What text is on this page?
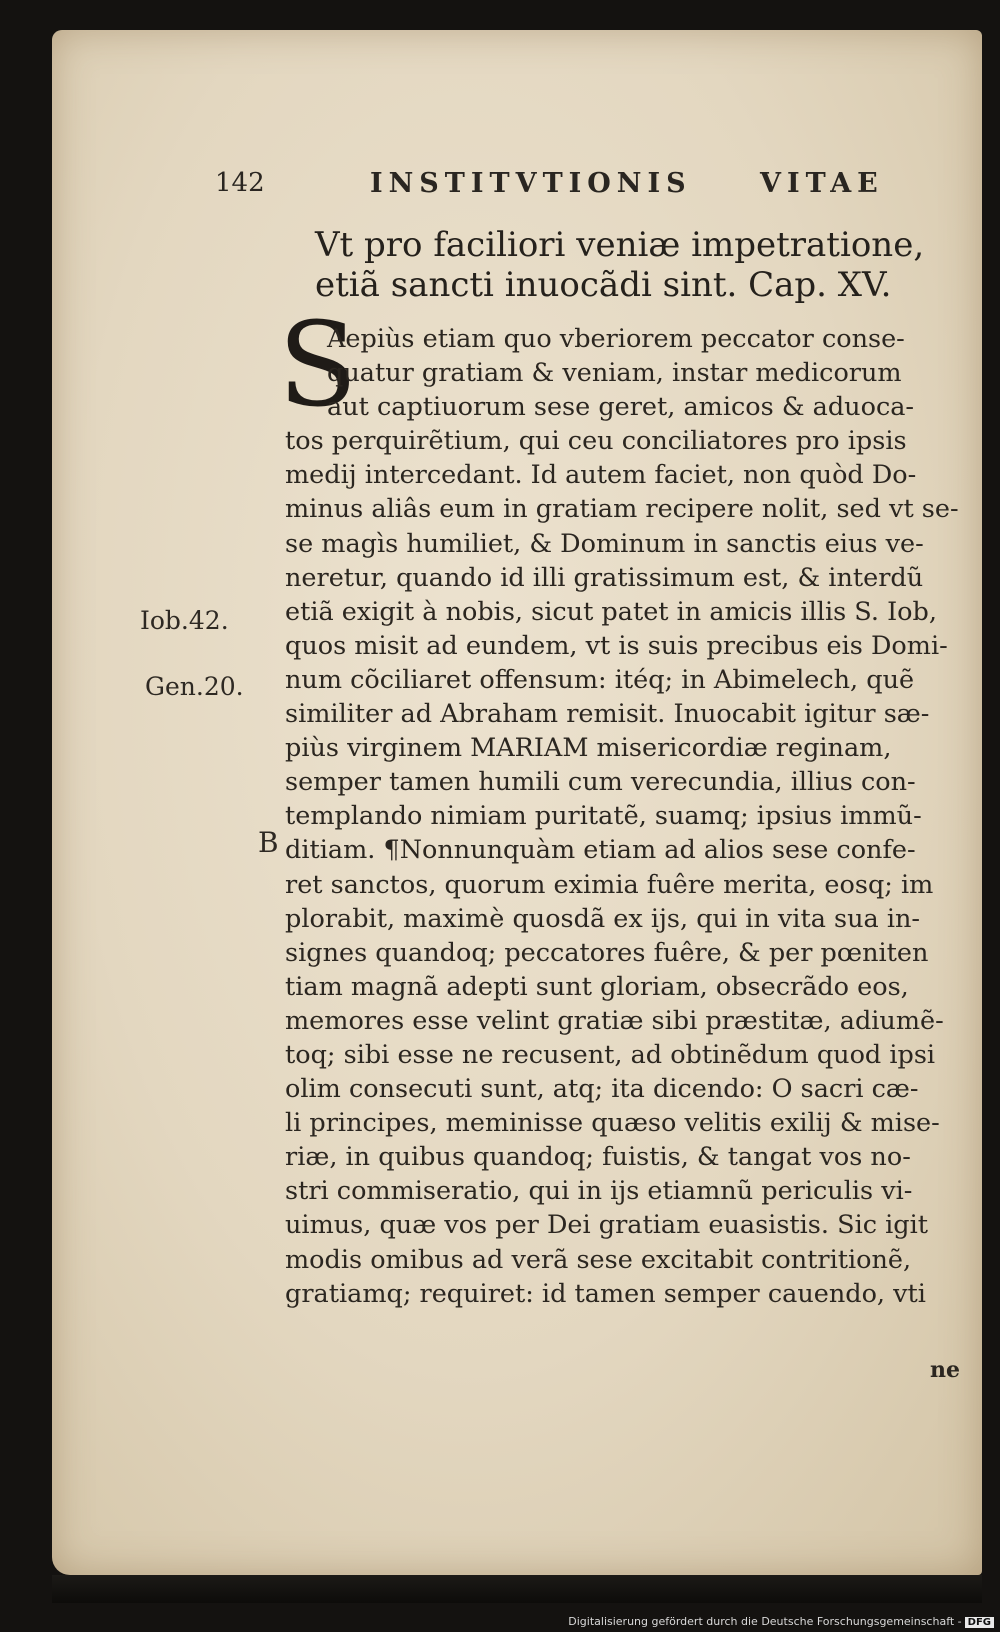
142	INSTITVTIONIS	VITAE
Vt pro faciliori veniæ impetratione,
etiã sancti inuocãdi sint. Cap. XV.
S
Aepiùs etiam quo vberiorem peccator conse-
quatur gratiam & veniam, instar medicorum
aut captiuorum sese geret, amicos & aduoca-
tos perquirẽtium, qui ceu conciliatores pro ipsis
medij intercedant. Id autem faciet, non quòd Do-
minus aliâs eum in gratiam recipere nolit, sed vt se-
se magìs humiliet, & Dominum in sanctis eius ve-
neretur, quando id illi gratissimum est, & interdũ
etiã exigit à nobis, sicut patet in amicis illis S. Iob,
quos misit ad eundem, vt is suis precibus eis Domi-
num cõciliaret offensum: itéq; in Abimelech, quẽ
similiter ad Abraham remisit. Inuocabit igitur sæ-
piùs virginem MARIAM misericordiæ reginam,
semper tamen humili cum verecundia, illius con-
templando nimiam puritatẽ, suamq; ipsius immũ-
ditiam. ¶Nonnunquàm etiam ad alios sese confe-
ret sanctos, quorum eximia fuêre merita, eosq; im
plorabit, maximè quosdã ex ijs, qui in vita sua in-
signes quandoq; peccatores fuêre, & per pœniten
tiam magnã adepti sunt gloriam, obsecrãdo eos,
memores esse velint gratiæ sibi præstitæ, adiumẽ-
toq; sibi esse ne recusent, ad obtinẽdum quod ipsi
olim consecuti sunt, atq; ita dicendo: O sacri cæ-
li principes, meminisse quæso velitis exilij & mise-
riæ, in quibus quandoq; fuistis, & tangat vos no-
stri commiseratio, qui in ijs etiamnũ periculis vi-
uimus, quæ vos per Dei gratiam euasistis. Sic igit
modis omibus ad verã sese excitabit contritionẽ,
gratiamq; requiret: id tamen semper cauendo, vti
Iob.42.
Gen.20.
B
ne
Digitalisierung gefördert durch die Deutsche Forschungsgemeinschaft - DFG
